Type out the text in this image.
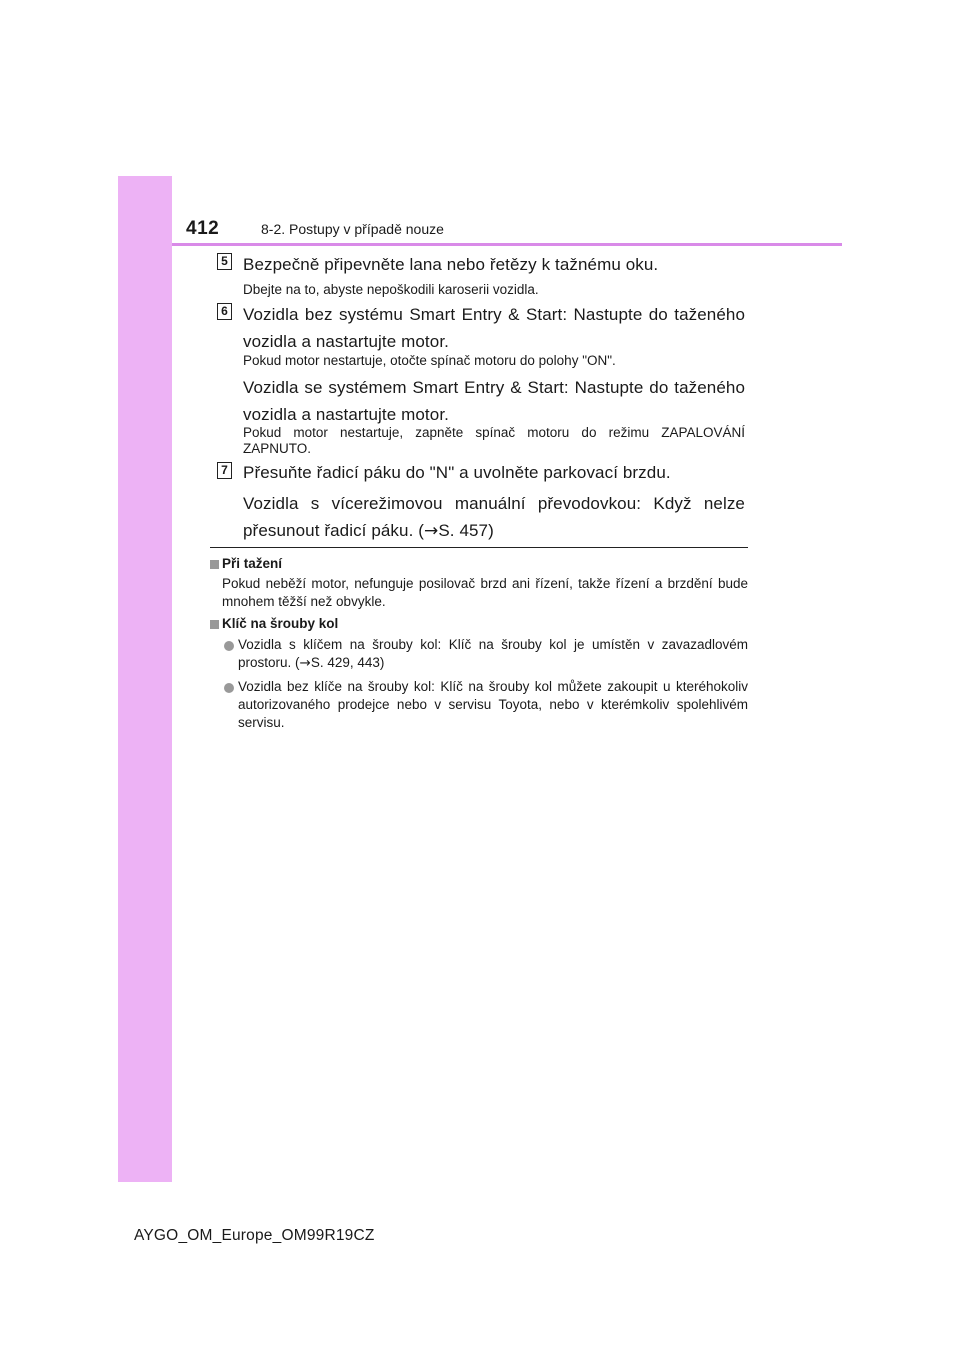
412	8-2. Postupy v případě nouze
5 Bezpečně připevněte lana nebo řetězy k tažnému oku.
Dbejte na to, abyste nepoškodili karoserii vozidla.
6 Vozidla bez systému Smart Entry & Start: Nastupte do taženého vozidla a nastartujte motor.
Pokud motor nestartuje, otočte spínač motoru do polohy "ON".
Vozidla se systémem Smart Entry & Start: Nastupte do taženého vozidla a nastartujte motor.
Pokud motor nestartuje, zapněte spínač motoru do režimu ZAPALOVÁNÍ ZAPNUTO.
7 Přesuňte řadicí páku do "N" a uvolněte parkovací brzdu.
Vozidla s vícerežimovou manuální převodovkou: Když nelze přesunout řadicí páku. (→S. 457)
Při tažení
Pokud neběží motor, nefunguje posilovač brzd ani řízení, takže řízení a brzdění bude mnohem těžší než obvykle.
Klíč na šrouby kol
Vozidla s klíčem na šrouby kol: Klíč na šrouby kol je umístěn v zavazadlovém prostoru. (→S. 429, 443)
Vozidla bez klíče na šrouby kol: Klíč na šrouby kol můžete zakoupit u kteréhokoliv autorizovaného prodejce nebo v servisu Toyota, nebo v kterémkoliv spolehlivém servisu.
AYGO_OM_Europe_OM99R19CZ
